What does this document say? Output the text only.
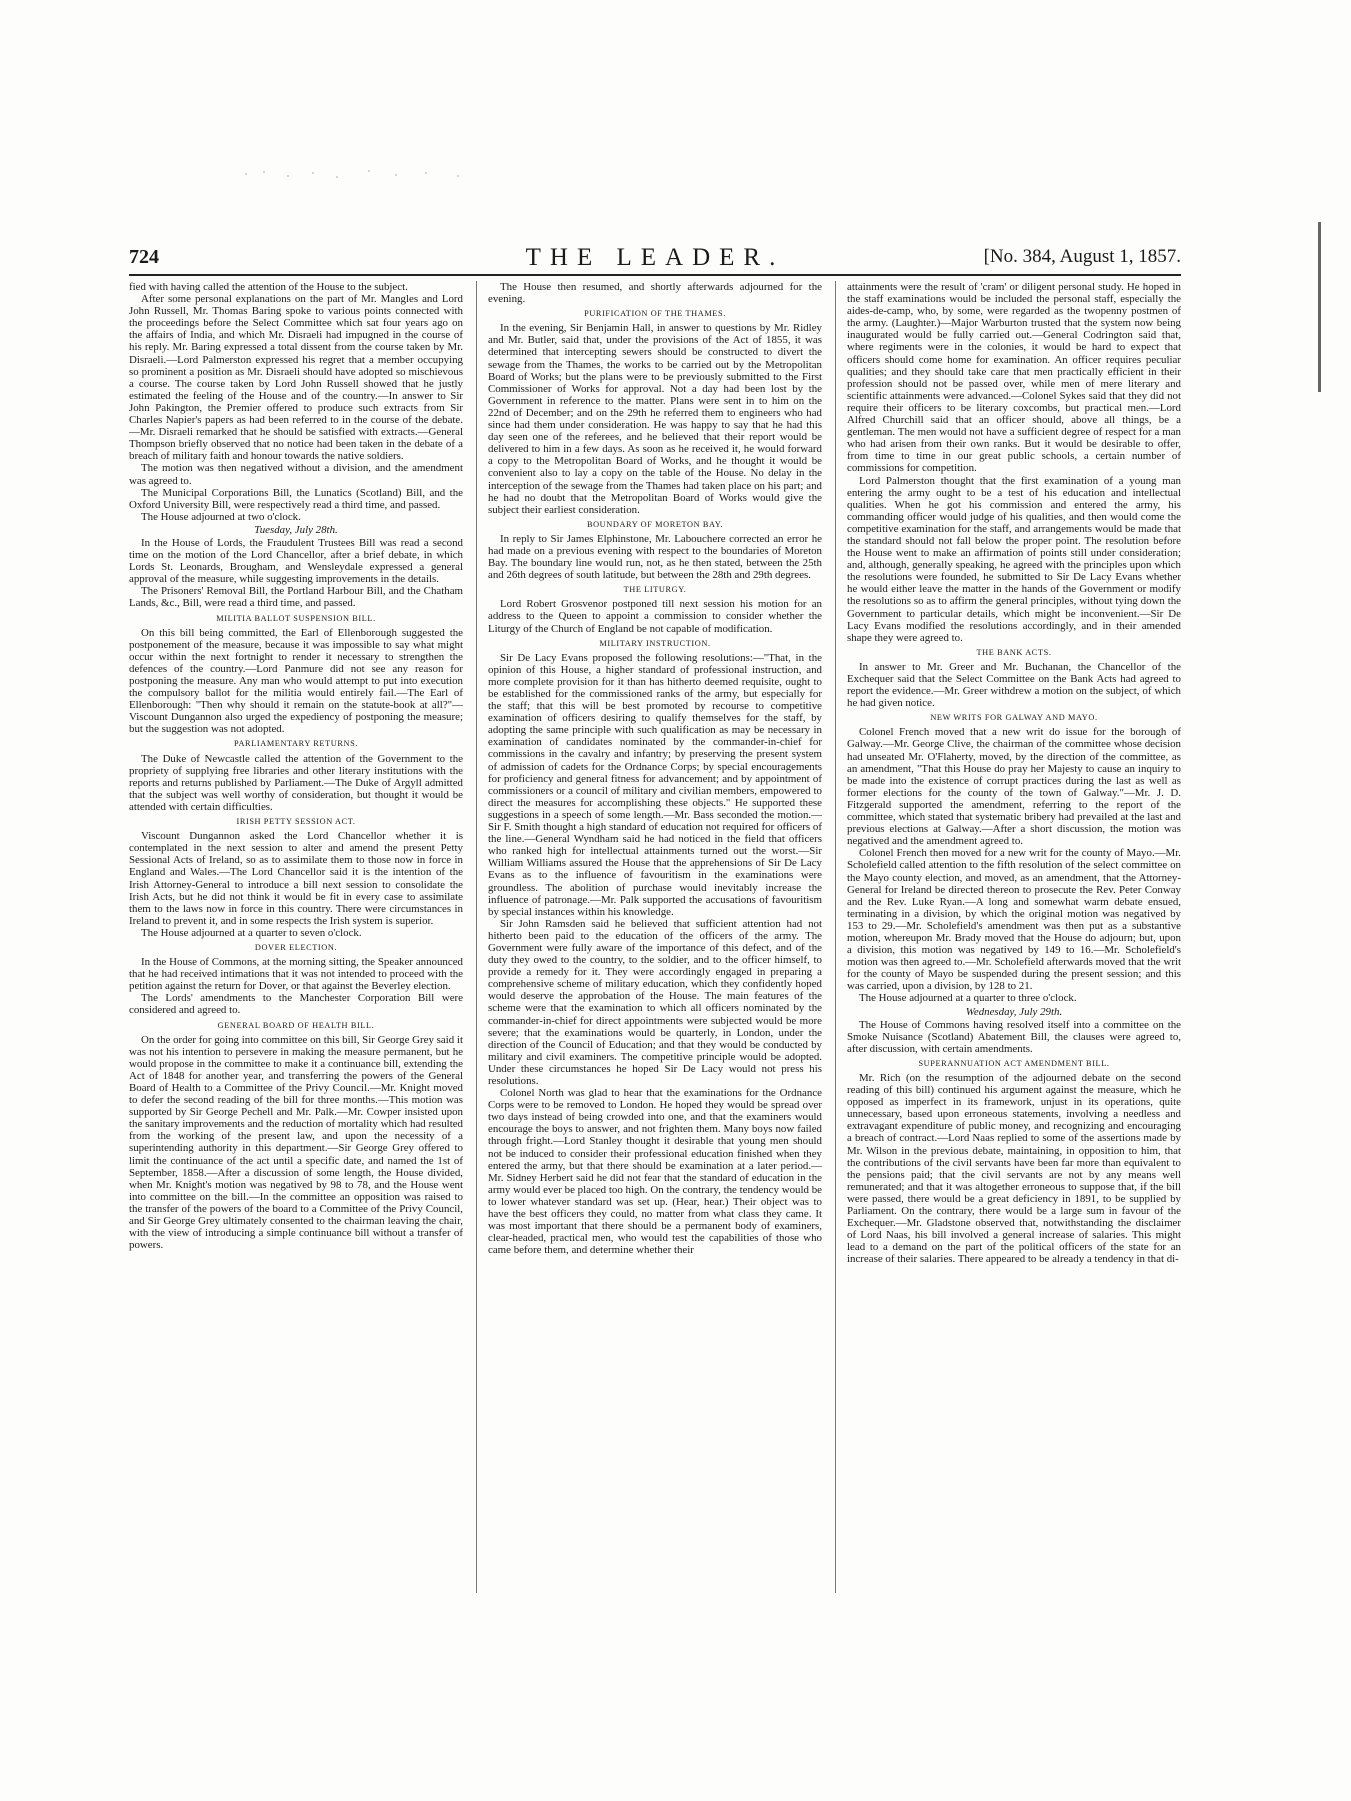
724	THE LEADER.	[No. 384, August 1, 1857.

fied with having called the attention of the House to the subject.

After some personal explanations on the part of Mr. Mangles and Lord John Russell, Mr. Thomas Baring spoke to various points connected with the proceedings before the Select Committee which sat four years ago on the affairs of India, and which Mr. Disraeli had impugned in the course of his reply. Mr. Baring expressed a total dissent from the course taken by Mr. Disraeli.—Lord Palmerston expressed his regret that a member occupying so prominent a position as Mr. Disraeli should have adopted so mischievous a course. The course taken by Lord John Russell showed that he justly estimated the feeling of the House and of the country.—In answer to Sir John Pakington, the Premier offered to produce such extracts from Sir Charles Napier's papers as had been referred to in the course of the debate.—Mr. Disraeli remarked that he should be satisfied with extracts.—General Thompson briefly observed that no notice had been taken in the debate of a breach of military faith and honour towards the native soldiers.

The motion was then negatived without a division, and the amendment was agreed to.

The Municipal Corporations Bill, the Lunatics (Scotland) Bill, and the Oxford University Bill, were respectively read a third time, and passed.

The House adjourned at two o'clock.

Tuesday, July 28th.

In the House of Lords, the Fraudulent Trustees Bill was read a second time on the motion of the Lord Chancellor, after a brief debate, in which Lords St. Leonards, Brougham, and Wensleydale expressed a general approval of the measure, while suggesting improvements in the details.

The Prisoners' Removal Bill, the Portland Harbour Bill, and the Chatham Lands, &c., Bill, were read a third time, and passed.

MILITIA BALLOT SUSPENSION BILL.

On this bill being committed, the Earl of Ellenborough suggested the postponement of the measure, because it was impossible to say what might occur within the next fortnight to render it necessary to strengthen the defences of the country.—Lord Panmure did not see any reason for postponing the measure. Any man who would attempt to put into execution the compulsory ballot for the militia would entirely fail.—The Earl of Ellenborough: "Then why should it remain on the statute-book at all?"—Viscount Dungannon also urged the expediency of postponing the measure; but the suggestion was not adopted.

PARLIAMENTARY RETURNS.

The Duke of Newcastle called the attention of the Government to the propriety of supplying free libraries and other literary institutions with the reports and returns published by Parliament.—The Duke of Argyll admitted that the subject was well worthy of consideration, but thought it would be attended with certain difficulties.

IRISH PETTY SESSION ACT.

Viscount Dungannon asked the Lord Chancellor whether it is contemplated in the next session to alter and amend the present Petty Sessional Acts of Ireland, so as to assimilate them to those now in force in England and Wales.—The Lord Chancellor said it is the intention of the Irish Attorney-General to introduce a bill next session to consolidate the Irish Acts, but he did not think it would be fit in every case to assimilate them to the laws now in force in this country. There were circumstances in Ireland to prevent it, and in some respects the Irish system is superior.

The House adjourned at a quarter to seven o'clock.

DOVER ELECTION.

In the House of Commons, at the morning sitting, the Speaker announced that he had received intimations that it was not intended to proceed with the petition against the return for Dover, or that against the Beverley election.

The Lords' amendments to the Manchester Corporation Bill were considered and agreed to.

GENERAL BOARD OF HEALTH BILL.

On the order for going into committee on this bill, Sir George Grey said it was not his intention to persevere in making the measure permanent, but he would propose in the committee to make it a continuance bill, extending the Act of 1848 for another year, and transferring the powers of the General Board of Health to a Committee of the Privy Council.—Mr. Knight moved to defer the second reading of the bill for three months.—This motion was supported by Sir George Pechell and Mr. Palk.—Mr. Cowper insisted upon the sanitary improvements and the reduction of mortality which had resulted from the working of the present law, and upon the necessity of a superintending authority in this department.—Sir George Grey offered to limit the continuance of the act until a specific date, and named the 1st of September, 1858.—After a discussion of some length, the House divided, when Mr. Knight's motion was negatived by 98 to 78, and the House went into committee on the bill.—In the committee an opposition was raised to the transfer of the powers of the board to a Committee of the Privy Council, and Sir George Grey ultimately consented to the chairman leaving the chair, with the view of introducing a simple continuance bill without a transfer of powers.

The House then resumed, and shortly afterwards adjourned for the evening.

PURIFICATION OF THE THAMES.

In the evening, Sir Benjamin Hall, in answer to questions by Mr. Ridley and Mr. Butler, said that, under the provisions of the Act of 1855, it was determined that intercepting sewers should be constructed to divert the sewage from the Thames, the works to be carried out by the Metropolitan Board of Works; but the plans were to be previously submitted to the First Commissioner of Works for approval. Not a day had been lost by the Government in reference to the matter. Plans were sent in to him on the 22nd of December; and on the 29th he referred them to engineers who had since had them under consideration. He was happy to say that he had this day seen one of the referees, and he believed that their report would be delivered to him in a few days. As soon as he received it, he would forward a copy to the Metropolitan Board of Works, and he thought it would be convenient also to lay a copy on the table of the House. No delay in the interception of the sewage from the Thames had taken place on his part; and he had no doubt that the Metropolitan Board of Works would give the subject their earliest consideration.

BOUNDARY OF MORETON BAY.

In reply to Sir James Elphinstone, Mr. Labouchere corrected an error he had made on a previous evening with respect to the boundaries of Moreton Bay. The boundary line would run, not, as he then stated, between the 25th and 26th degrees of south latitude, but between the 28th and 29th degrees.

THE LITURGY.

Lord Robert Grosvenor postponed till next session his motion for an address to the Queen to appoint a commission to consider whether the Liturgy of the Church of England be not capable of modification.

MILITARY INSTRUCTION.

Sir De Lacy Evans proposed the following resolutions:—"That, in the opinion of this House, a higher standard of professional instruction, and more complete provision for it than has hitherto deemed requisite, ought to be established for the commissioned ranks of the army, but especially for the staff; that this will be best promoted by recourse to competitive examination of officers desiring to qualify themselves for the staff, by adopting the same principle with such qualification as may be necessary in examination of candidates nominated by the commander-in-chief for commissions in the cavalry and infantry; by preserving the present system of admission of cadets for the Ordnance Corps; by special encouragements for proficiency and general fitness for advancement; and by appointment of commissioners or a council of military and civilian members, empowered to direct the measures for accomplishing these objects." He supported these suggestions in a speech of some length.—Mr. Bass seconded the motion.—Sir F. Smith thought a high standard of education not required for officers of the line.—General Wyndham said he had noticed in the field that officers who ranked high for intellectual attainments turned out the worst.—Sir William Williams assured the House that the apprehensions of Sir De Lacy Evans as to the influence of favouritism in the examinations were groundless. The abolition of purchase would inevitably increase the influence of patronage.—Mr. Palk supported the accusations of favouritism by special instances within his knowledge.

Sir John Ramsden said he believed that sufficient attention had not hitherto been paid to the education of the officers of the army. The Government were fully aware of the importance of this defect, and of the duty they owed to the country, to the soldier, and to the officer himself, to provide a remedy for it. They were accordingly engaged in preparing a comprehensive scheme of military education, which they confidently hoped would deserve the approbation of the House. The main features of the scheme were that the examination to which all officers nominated by the commander-in-chief for direct appointments were subjected would be more severe; that the examinations would be quarterly, in London, under the direction of the Council of Education; and that they would be conducted by military and civil examiners. The competitive principle would be adopted. Under these circumstances he hoped Sir De Lacy would not press his resolutions.

Colonel North was glad to hear that the examinations for the Ordnance Corps were to be removed to London. He hoped they would be spread over two days instead of being crowded into one, and that the examiners would encourage the boys to answer, and not frighten them. Many boys now failed through fright.—Lord Stanley thought it desirable that young men should not be induced to consider their professional education finished when they entered the army, but that there should be examination at a later period.—Mr. Sidney Herbert said he did not fear that the standard of education in the army would ever be placed too high. On the contrary, the tendency would be to lower whatever standard was set up. (Hear, hear.) Their object was to have the best officers they could, no matter from what class they came. It was most important that there should be a permanent body of examiners, clear-headed, practical men, who would test the capabilities of those who came before them, and determine whether their

attainments were the result of 'cram' or diligent personal study. He hoped in the staff examinations would be included the personal staff, especially the aides-de-camp, who, by some, were regarded as the twopenny postmen of the army. (Laughter.)—Major Warburton trusted that the system now being inaugurated would be fully carried out.—General Codrington said that, where regiments were in the colonies, it would be hard to expect that officers should come home for examination. An officer requires peculiar qualities; and they should take care that men practically efficient in their profession should not be passed over, while men of mere literary and scientific attainments were advanced.—Colonel Sykes said that they did not require their officers to be literary coxcombs, but practical men.—Lord Alfred Churchill said that an officer should, above all things, be a gentleman. The men would not have a sufficient degree of respect for a man who had arisen from their own ranks. But it would be desirable to offer, from time to time in our great public schools, a certain number of commissions for competition.

Lord Palmerston thought that the first examination of a young man entering the army ought to be a test of his education and intellectual qualities. When he got his commission and entered the army, his commanding officer would judge of his qualities, and then would come the competitive examination for the staff, and arrangements would be made that the standard should not fall below the proper point. The resolution before the House went to make an affirmation of points still under consideration; and, although, generally speaking, he agreed with the principles upon which the resolutions were founded, he submitted to Sir De Lacy Evans whether he would either leave the matter in the hands of the Government or modify the resolutions so as to affirm the general principles, without tying down the Government to particular details, which might be inconvenient.—Sir De Lacy Evans modified the resolutions accordingly, and in their amended shape they were agreed to.

THE BANK ACTS.

In answer to Mr. Greer and Mr. Buchanan, the Chancellor of the Exchequer said that the Select Committee on the Bank Acts had agreed to report the evidence.—Mr. Greer withdrew a motion on the subject, of which he had given notice.

NEW WRITS FOR GALWAY AND MAYO.

Colonel French moved that a new writ do issue for the borough of Galway.—Mr. George Clive, the chairman of the committee whose decision had unseated Mr. O'Flaherty, moved, by the direction of the committee, as an amendment, "That this House do pray her Majesty to cause an inquiry to be made into the existence of corrupt practices during the last as well as former elections for the county of the town of Galway."—Mr. J. D. Fitzgerald supported the amendment, referring to the report of the committee, which stated that systematic bribery had prevailed at the last and previous elections at Galway.—After a short discussion, the motion was negatived and the amendment agreed to.

Colonel French then moved for a new writ for the county of Mayo.—Mr. Scholefield called attention to the fifth resolution of the select committee on the Mayo county election, and moved, as an amendment, that the Attorney-General for Ireland be directed thereon to prosecute the Rev. Peter Conway and the Rev. Luke Ryan.—A long and somewhat warm debate ensued, terminating in a division, by which the original motion was negatived by 153 to 29.—Mr. Scholefield's amendment was then put as a substantive motion, whereupon Mr. Brady moved that the House do adjourn; but, upon a division, this motion was negatived by 149 to 16.—Mr. Scholefield's motion was then agreed to.—Mr. Scholefield afterwards moved that the writ for the county of Mayo be suspended during the present session; and this was carried, upon a division, by 128 to 21.

The House adjourned at a quarter to three o'clock.

Wednesday, July 29th.

The House of Commons having resolved itself into a committee on the Smoke Nuisance (Scotland) Abatement Bill, the clauses were agreed to, after discussion, with certain amendments.

SUPERANNUATION ACT AMENDMENT BILL.

Mr. Rich (on the resumption of the adjourned debate on the second reading of this bill) continued his argument against the measure, which he opposed as imperfect in its framework, unjust in its operations, quite unnecessary, based upon erroneous statements, involving a needless and extravagant expenditure of public money, and recognizing and encouraging a breach of contract.—Lord Naas replied to some of the assertions made by Mr. Wilson in the previous debate, maintaining, in opposition to him, that the contributions of the civil servants have been far more than equivalent to the pensions paid; that the civil servants are not by any means well remunerated; and that it was altogether erroneous to suppose that, if the bill were passed, there would be a great deficiency in 1891, to be supplied by Parliament. On the contrary, there would be a large sum in favour of the Exchequer.—Mr. Gladstone observed that, notwithstanding the disclaimer of Lord Naas, his bill involved a general increase of salaries. This might lead to a demand on the part of the political officers of the state for an increase of their salaries. There appeared to be already a tendency in that di-
